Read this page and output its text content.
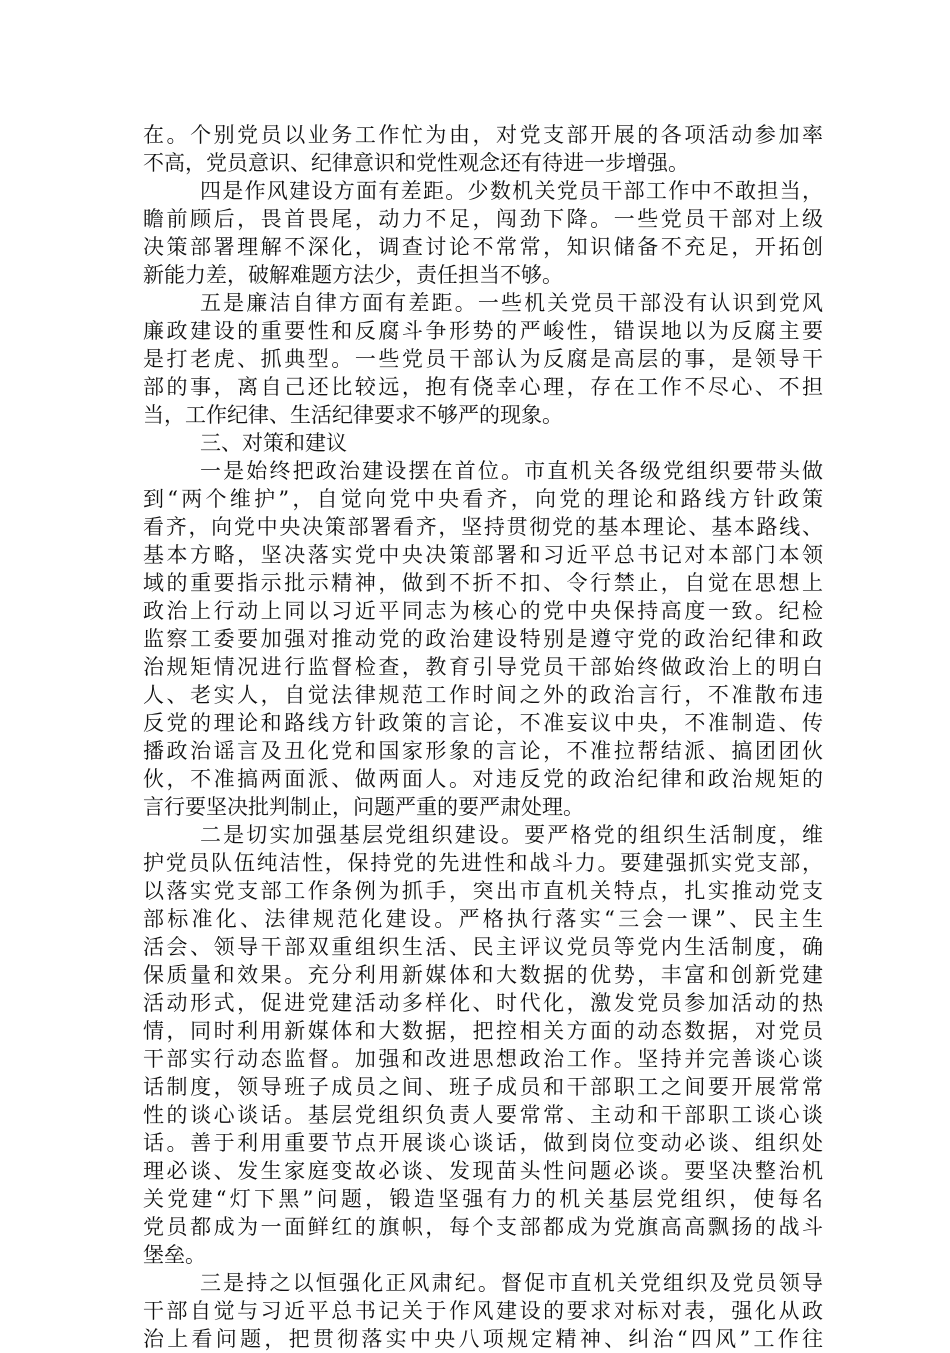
在。个别党员以业务工作忙为由，对党支部开展的各项活动参加率
不高，党员意识、纪律意识和党性观念还有待进一步增强。
四是作风建设方面有差距。少数机关党员干部工作中不敢担当，
瞻前顾后，畏首畏尾，动力不足，闯劲下降。一些党员干部对上级
决策部署理解不深化，调查讨论不常常，知识储备不充足，开拓创
新能力差，破解难题方法少，责任担当不够。
五是廉洁自律方面有差距。一些机关党员干部没有认识到党风
廉政建设的重要性和反腐斗争形势的严峻性，错误地以为反腐主要
是打老虎、抓典型。一些党员干部认为反腐是高层的事，是领导干
部的事，离自己还比较远，抱有侥幸心理，存在工作不尽心、不担
当，工作纪律、生活纪律要求不够严的现象。
三、对策和建议
一是始终把政治建设摆在首位。市直机关各级党组织要带头做
到“两个维护”，自觉向党中央看齐，向党的理论和路线方针政策
看齐，向党中央决策部署看齐，坚持贯彻党的基本理论、基本路线、
基本方略，坚决落实党中央决策部署和习近平总书记对本部门本领
域的重要指示批示精神，做到不折不扣、令行禁止，自觉在思想上
政治上行动上同以习近平同志为核心的党中央保持高度一致。纪检
监察工委要加强对推动党的政治建设特别是遵守党的政治纪律和政
治规矩情况进行监督检查，教育引导党员干部始终做政治上的明白
人、老实人，自觉法律规范工作时间之外的政治言行，不准散布违
反党的理论和路线方针政策的言论，不准妄议中央，不准制造、传
播政治谣言及丑化党和国家形象的言论，不准拉帮结派、搞团团伙
伙，不准搞两面派、做两面人。对违反党的政治纪律和政治规矩的
言行要坚决批判制止，问题严重的要严肃处理。
二是切实加强基层党组织建设。要严格党的组织生活制度，维
护党员队伍纯洁性，保持党的先进性和战斗力。要建强抓实党支部，
以落实党支部工作条例为抓手，突出市直机关特点，扎实推动党支
部标准化、法律规范化建设。严格执行落实“三会一课”、民主生
活会、领导干部双重组织生活、民主评议党员等党内生活制度，确
保质量和效果。充分利用新媒体和大数据的优势，丰富和创新党建
活动形式，促进党建活动多样化、时代化，激发党员参加活动的热
情，同时利用新媒体和大数据，把控相关方面的动态数据，对党员
干部实行动态监督。加强和改进思想政治工作。坚持并完善谈心谈
话制度，领导班子成员之间、班子成员和干部职工之间要开展常常
性的谈心谈话。基层党组织负责人要常常、主动和干部职工谈心谈
话。善于利用重要节点开展谈心谈话，做到岗位变动必谈、组织处
理必谈、发生家庭变故必谈、发现苗头性问题必谈。要坚决整治机
关党建“灯下黑”问题，锻造坚强有力的机关基层党组织，使每名
党员都成为一面鲜红的旗帜，每个支部都成为党旗高高飘扬的战斗
堡垒。
三是持之以恒强化正风肃纪。督促市直机关党组织及党员领导
干部自觉与习近平总书记关于作风建设的要求对标对表，强化从政
治上看问题，把贯彻落实中央八项规定精神、纠治“四风”工作往
